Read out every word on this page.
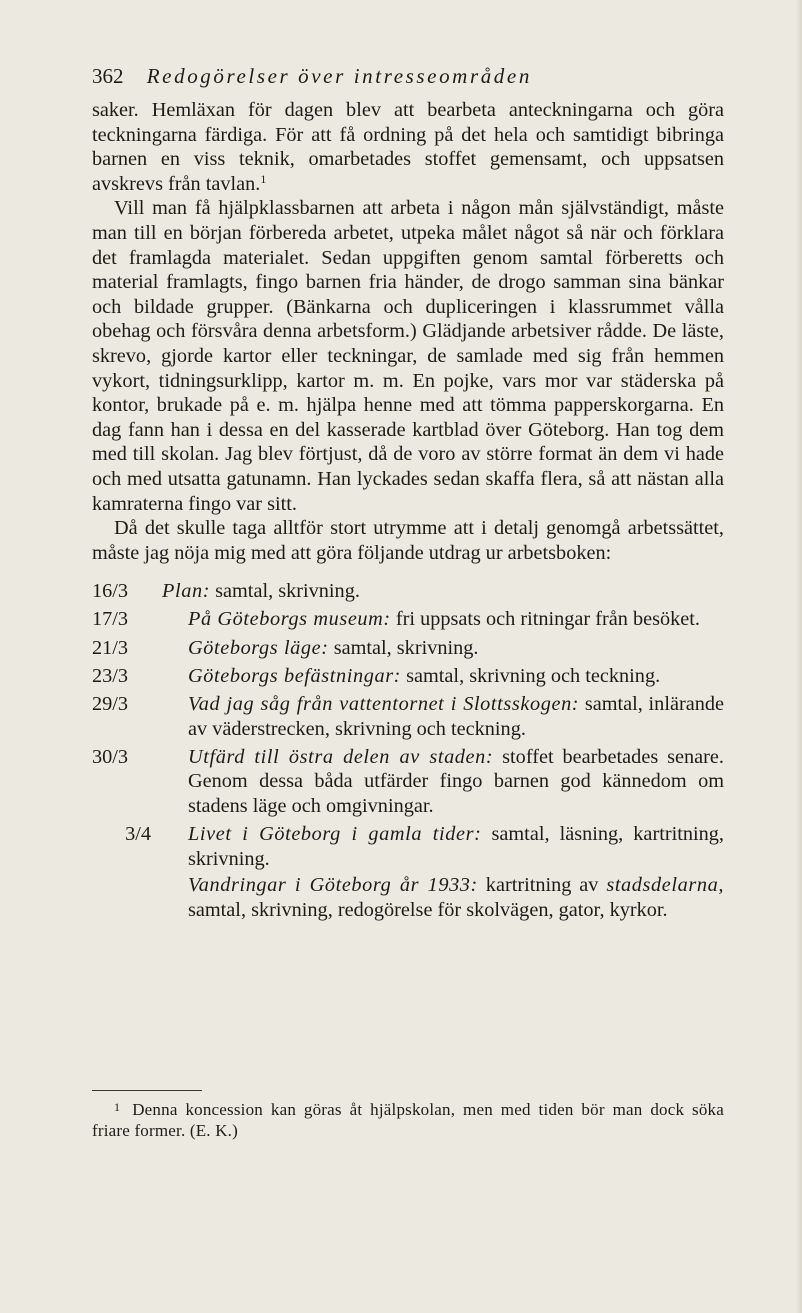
362 Redogörelser över intresseområden

saker. Hemläxan för dagen blev att bearbeta anteckningarna och göra teckningarna färdiga. För att få ordning på det hela och samtidigt bibringa barnen en viss teknik, omarbetades stoffet gemensamt, och uppsatsen avskrevs från tavlan.$^1$

Vill man få hjälpklassbarnen att arbeta i någon mån självständigt, måste man till en början förbereda arbetet, utpeka målet något så när och förklara det framlagda materialet. Sedan uppgiften genom samtal förberetts och material framlagts, fingo barnen fria händer, de drogo samman sina bänkar och bildade grupper. (Bänkarna och dupliceringen i klassrummet vålla obehag och försvåra denna arbetsform.) Glädjande arbetsiver rådde. De läste, skrevo, gjorde kartor eller teckningar, de samlade med sig från hemmen vykort, tidningsurklipp, kartor m. m. En pojke, vars mor var städerska på kontor, brukade på e. m. hjälpa henne med att tömma papperskorgarna. En dag fann han i dessa en del kasserade kartblad över Göteborg. Han tog dem med till skolan. Jag blev förtjust, då de voro av större format än dem vi hade och med utsatta gatunamn. Han lyckades sedan skaffa flera, så att nästan alla kamraterna fingo var sitt.

Då det skulle taga alltför stort utrymme att i detalj genomgå arbetssättet, måste jag nöja mig med att göra följande utdrag ur arbetsboken:

16/3	Plan: samtal, skrivning.
17/3	På Göteborgs museum: fri uppsats och ritningar från besöket.
21/3	Göteborgs läge: samtal, skrivning.
23/3	Göteborgs befästningar: samtal, skrivning och teckning.
29/3	Vad jag såg från vattentornet i Slottsskogen: samtal, inlärande av väderstrecken, skrivning och teckning.
30/3	Utfärd till östra delen av staden: stoffet bearbetades senare. Genom dessa båda utfärder fingo barnen god kännedom om stadens läge och omgivningar.
3/4 Livet i Göteborg i gamla tider: samtal, läsning, kartritning, skrivning.
Vandringar i Göteborg år 1933: kartritning av stadsdelarna, samtal, skrivning, redogörelse för skolvägen, gator, kyrkor.
$^1$ Denna koncession kan göras åt hjälpskolan, men med tiden bör man dock söka friare former. (E. K.)
